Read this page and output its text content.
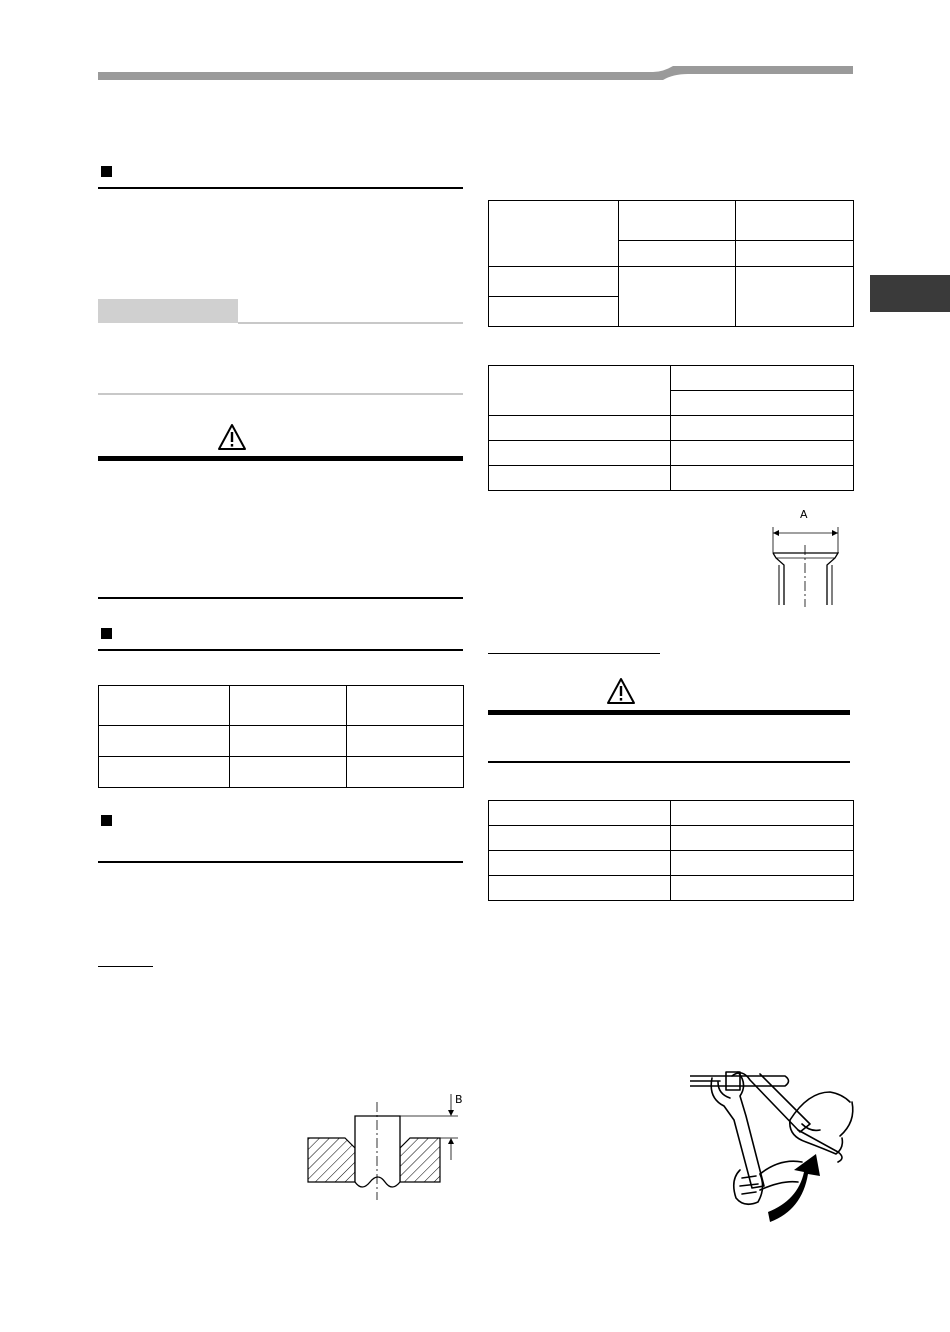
B

A
